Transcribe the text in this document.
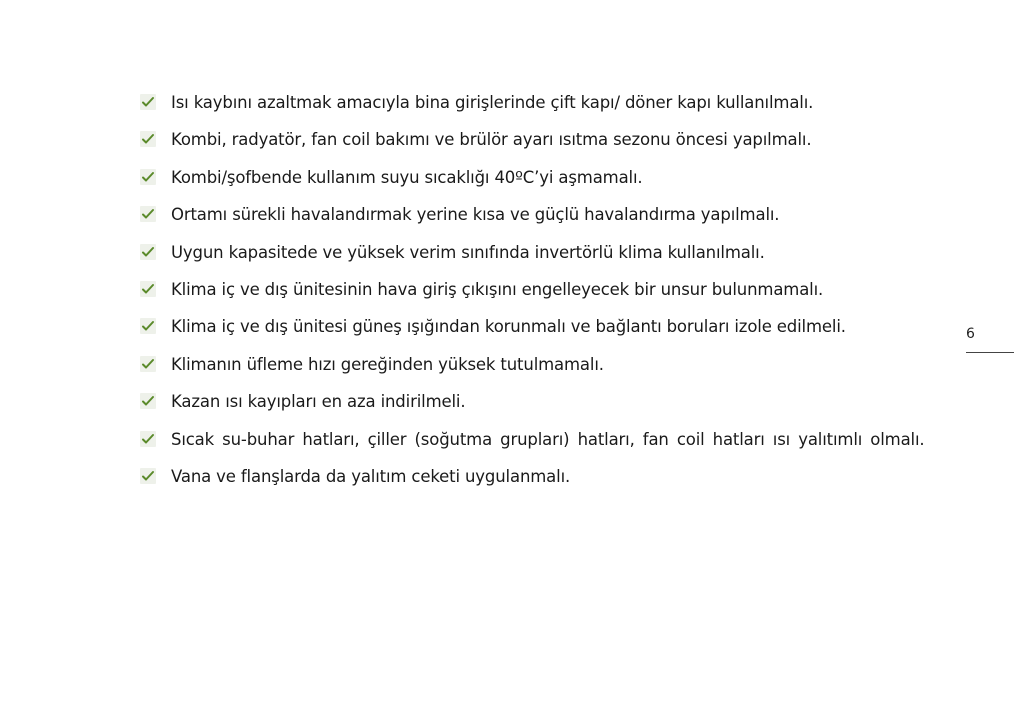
Isı kaybını azaltmak amacıyla bina girişlerinde çift kapı/ döner kapı kullanılmalı.
Kombi, radyatör, fan coil bakımı ve brülör ayarı ısıtma sezonu öncesi yapılmalı.
Kombi/şofbende kullanım suyu sıcaklığı 40ºC’yi aşmamalı.
Ortamı sürekli havalandırmak yerine kısa ve güçlü havalandırma yapılmalı.
Uygun kapasitede ve yüksek verim sınıfında invertörlü klima kullanılmalı.
Klima iç ve dış ünitesinin hava giriş çıkışını engelleyecek bir unsur bulunmamalı.
Klima iç ve dış ünitesi güneş ışığından korunmalı ve bağlantı boruları izole edilmeli.
Klimanın üfleme hızı gereğinden yüksek tutulmamalı.
Kazan ısı kayıpları en aza indirilmeli.
Sıcak su-buhar hatları, çiller (soğutma grupları) hatları, fan coil hatları ısı yalıtımlı olmalı.
Vana ve flanşlarda da yalıtım ceketi uygulanmalı.
6
